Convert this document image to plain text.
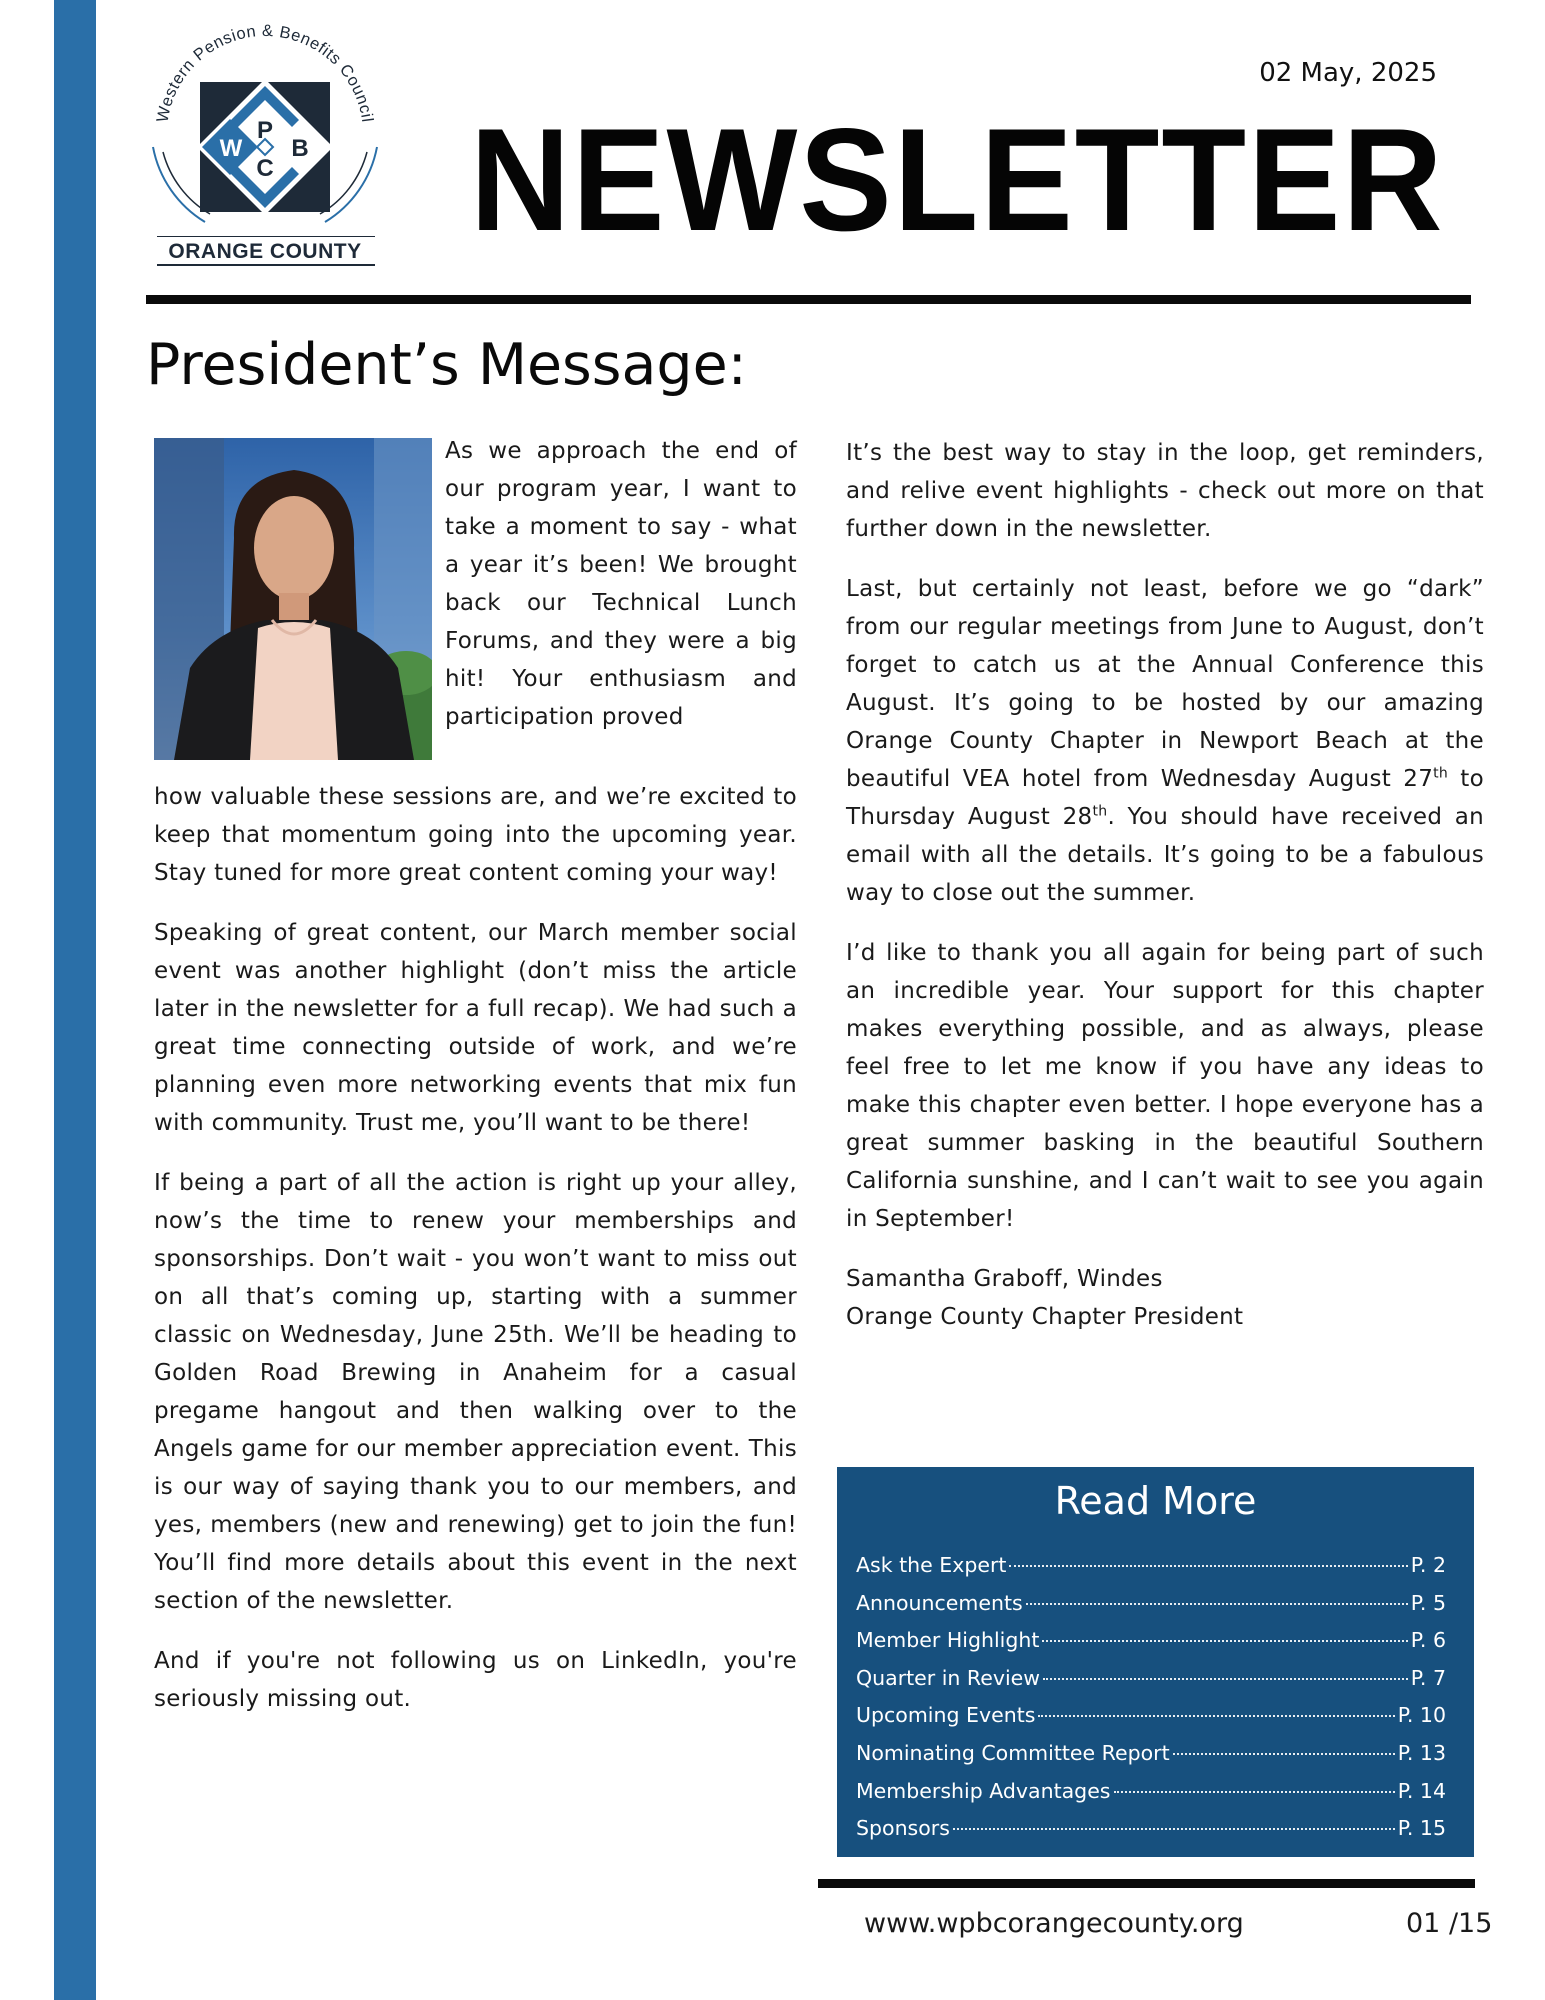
Western Pension & Benefits Council
P
W B
C
ORANGE COUNTY
02 May, 2025
NEWSLETTER
President’s Message:
As we approach the end of our program year, I want to take a moment to say - what a year it’s been! We brought back our Technical Lunch Forums, and they were a big hit! Your enthusiasm and participation proved

how valuable these sessions are, and we’re excited to keep that momentum going into the upcoming year. Stay tuned for more great content coming your way!

Speaking of great content, our March member social event was another highlight (don’t miss the article later in the newsletter for a full recap). We had such a great time connecting outside of work, and we’re planning even more networking events that mix fun with community. Trust me, you’ll want to be there!

If being a part of all the action is right up your alley, now’s the time to renew your memberships and sponsorships. Don’t wait - you won’t want to miss out on all that’s coming up, starting with a summer classic on Wednesday, June 25th. We’ll be heading to Golden Road Brewing in Anaheim for a casual pregame hangout and then walking over to the Angels game for our member appreciation event. This is our way of saying thank you to our members, and yes, members (new and renewing) get to join the fun! You’ll find more details about this event in the next section of the newsletter.

And if you're not following us on LinkedIn, you're seriously missing out.

It’s the best way to stay in the loop, get reminders, and relive event highlights - check out more on that further down in the newsletter.

Last, but certainly not least, before we go “dark” from our regular meetings from June to August, don’t forget to catch us at the Annual Conference this August. It’s going to be hosted by our amazing Orange County Chapter in Newport Beach at the beautiful VEA hotel from Wednesday August 27th to Thursday August 28th. You should have received an email with all the details. It’s going to be a fabulous way to close out the summer.

I’d like to thank you all again for being part of such an incredible year. Your support for this chapter makes everything possible, and as always, please feel free to let me know if you have any ideas to make this chapter even better. I hope everyone has a great summer basking in the beautiful Southern California sunshine, and I can’t wait to see you again in September!

Samantha Graboff, Windes
Orange County Chapter President
Read More
Ask the Expert	P. 2
Announcements	P. 5
Member Highlight	P. 6
Quarter in Review	P. 7
Upcoming Events	P. 10
Nominating Committee Report	P. 13
Membership Advantages	P. 14
Sponsors	P. 15
www.wpbcorangecounty.org	01 /15
